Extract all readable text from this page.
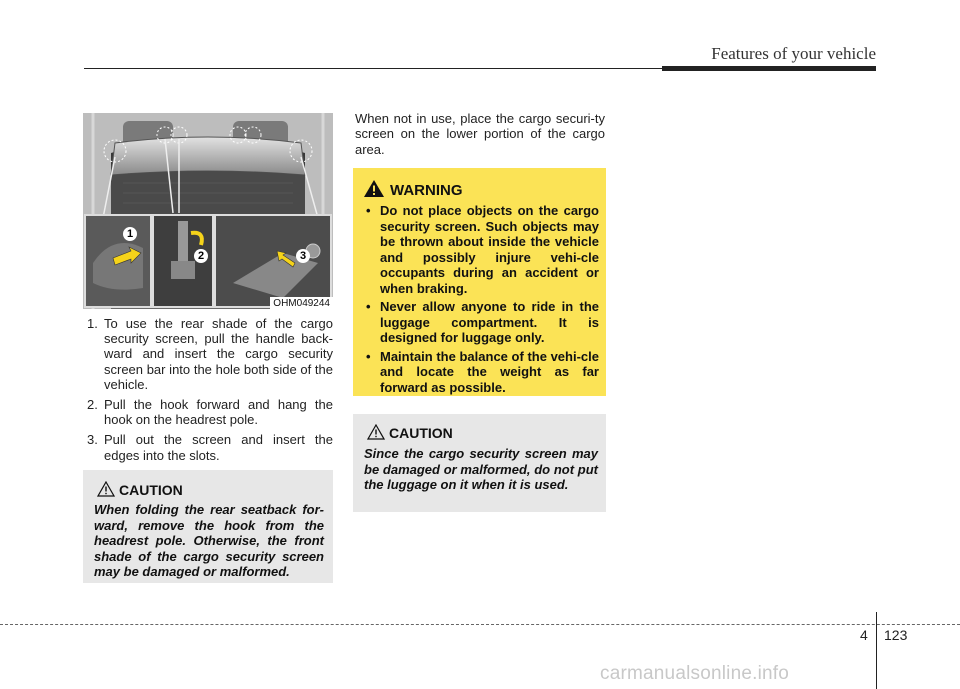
Features of your vehicle
1
2	3
OHM049244
1. To use the rear shade of the cargo security screen, pull the handle back-ward and insert the cargo security screen bar into the hole both side of the vehicle.
2. Pull the hook forward and hang the hook on the headrest pole.
3. Pull out the screen and insert the edges into the slots.
CAUTION
When folding the rear seatback for-ward, remove the hook from the headrest pole. Otherwise, the front shade of the cargo security screen may be damaged or malformed.
When not in use, place the cargo securi-ty screen on the lower portion of the cargo area.
WARNING
• Do not place objects on the cargo security screen. Such objects may be thrown about inside the vehicle and possibly injure vehi-cle occupants during an accident or when braking.
• Never allow anyone to ride in the luggage compartment. It is designed for luggage only.
• Maintain the balance of the vehi-cle and locate the weight as far forward as possible.
CAUTION
Since the cargo security screen may be damaged or malformed, do not put the luggage on it when it is used.
4 123
carmanualsonline.info
